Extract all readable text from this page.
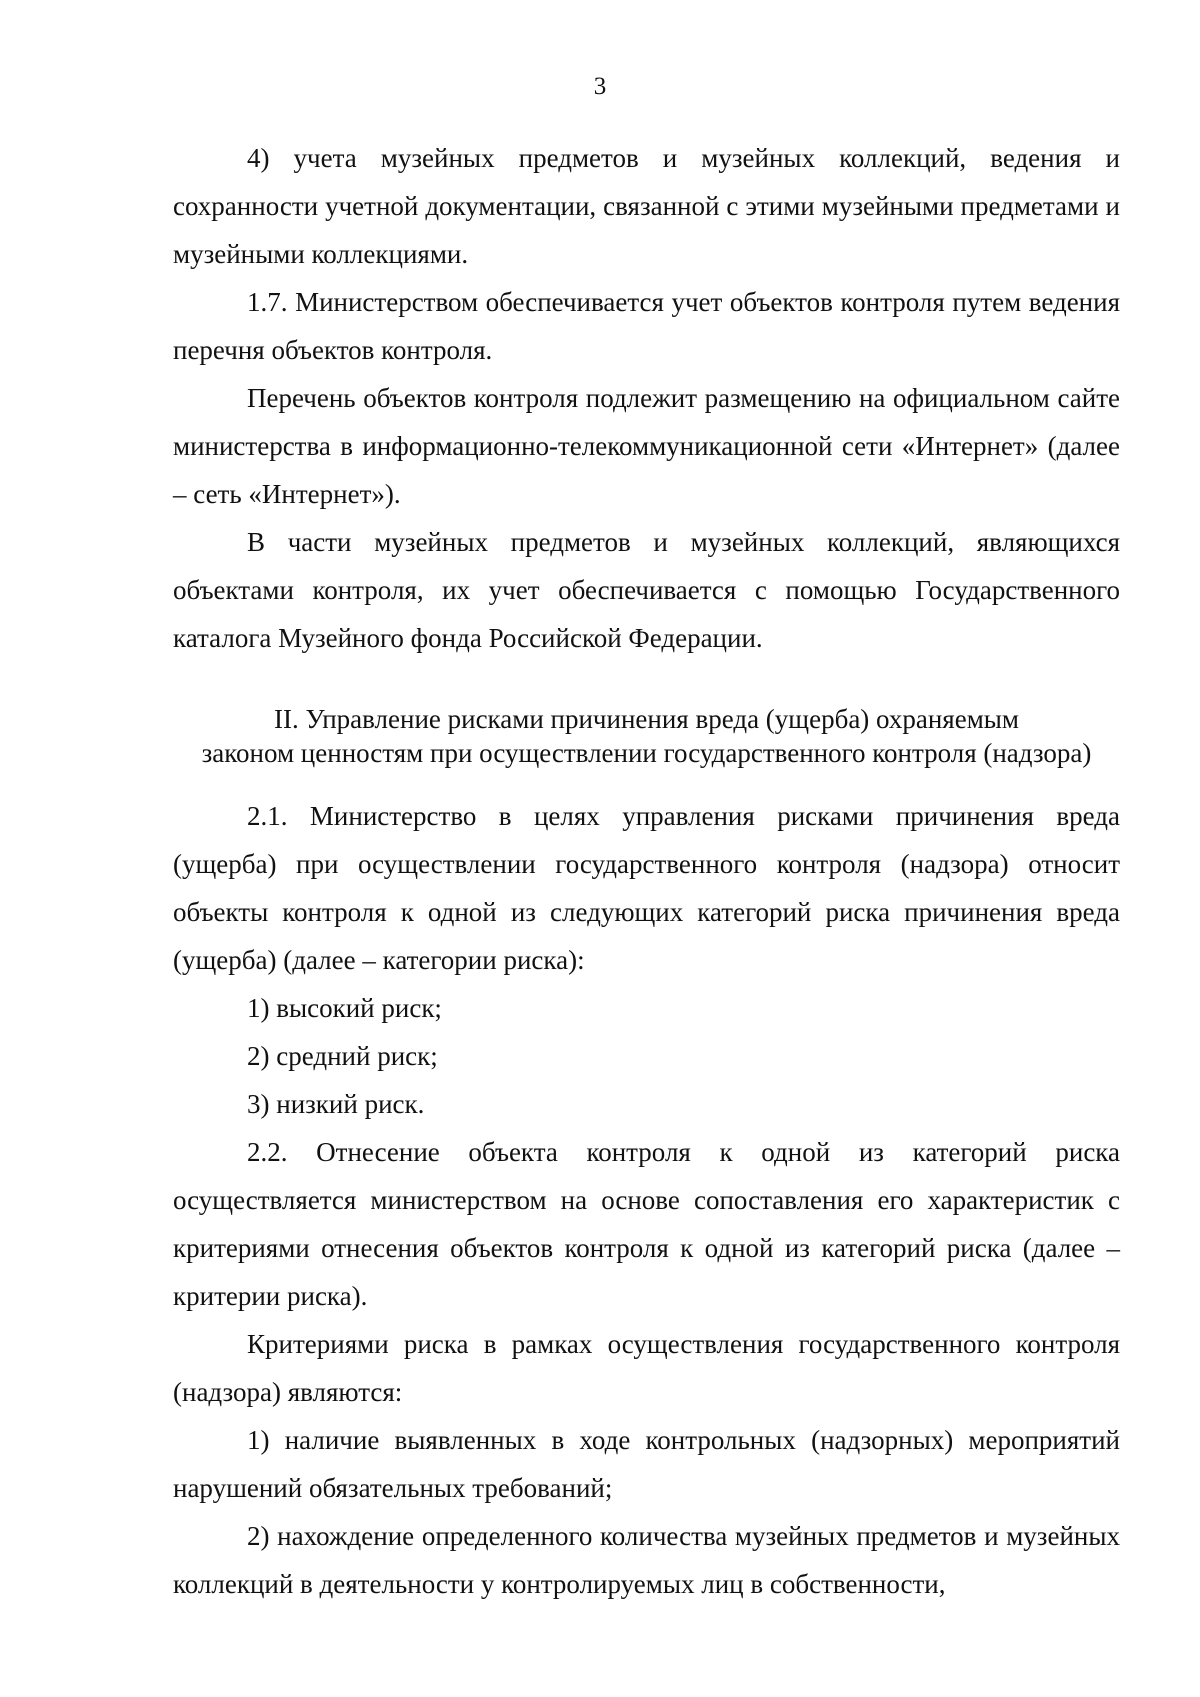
3

4) учета музейных предметов и музейных коллекций, ведения и сохранности учетной документации, связанной с этими музейными предметами и музейными коллекциями.

1.7. Министерством обеспечивается учет объектов контроля путем ведения перечня объектов контроля.

Перечень объектов контроля подлежит размещению на официальном сайте министерства в информационно-телекоммуникационной сети «Интернет» (далее – сеть «Интернет»).

В части музейных предметов и музейных коллекций, являющихся объектами контроля, их учет обеспечивается с помощью Государственного каталога Музейного фонда Российской Федерации.

II. Управление рисками причинения вреда (ущерба) охраняемым
законом ценностям при осуществлении государственного контроля (надзора)

2.1. Министерство в целях управления рисками причинения вреда (ущерба) при осуществлении государственного контроля (надзора) относит объекты контроля к одной из следующих категорий риска причинения вреда (ущерба) (далее – категории риска):

1) высокий риск;

2) средний риск;

3) низкий риск.

2.2. Отнесение объекта контроля к одной из категорий риска осуществляется министерством на основе сопоставления его характеристик с критериями отнесения объектов контроля к одной из категорий риска (далее – критерии риска).

Критериями риска в рамках осуществления государственного контроля (надзора) являются:

1) наличие выявленных в ходе контрольных (надзорных) мероприятий нарушений обязательных требований;

2) нахождение определенного количества музейных предметов и музейных коллекций в деятельности у контролируемых лиц в собственности,
